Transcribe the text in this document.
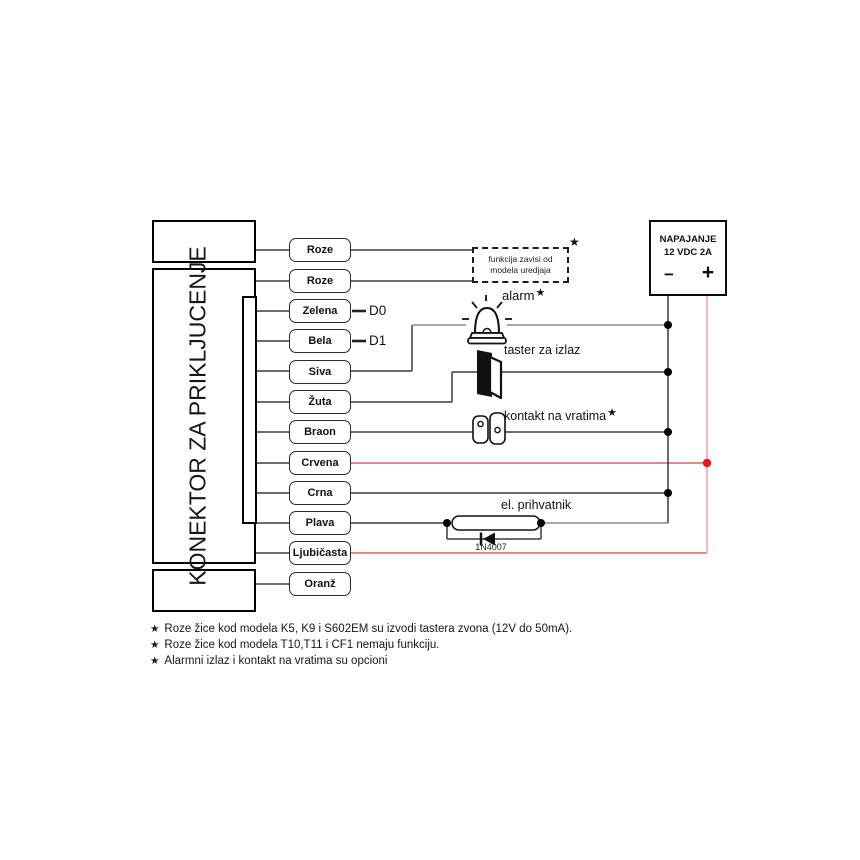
KONEKTOR ZA PRIKLJUCENJE	Roze
Roze
Zelena
Bela
Siva
Žuta
Braon
Crvena
Crna
Plava
Ljubičasta
Oranž
D0
D1
funkcija zavisi od
modela uredjaja
★
alarm★
taster za izlaz
kontakt na vratima★
el. prihvatnik
1N4007
NAPAJANJE
12 VDC 2A
− +
★ Roze žice kod modela K5, K9 i S602EM su izvodi tastera zvona (12V do 50mA).
★ Roze žice kod modela T10,T11 i CF1 nemaju funkciju.
★ Alarmni izlaz i kontakt na vratima su opcioni
